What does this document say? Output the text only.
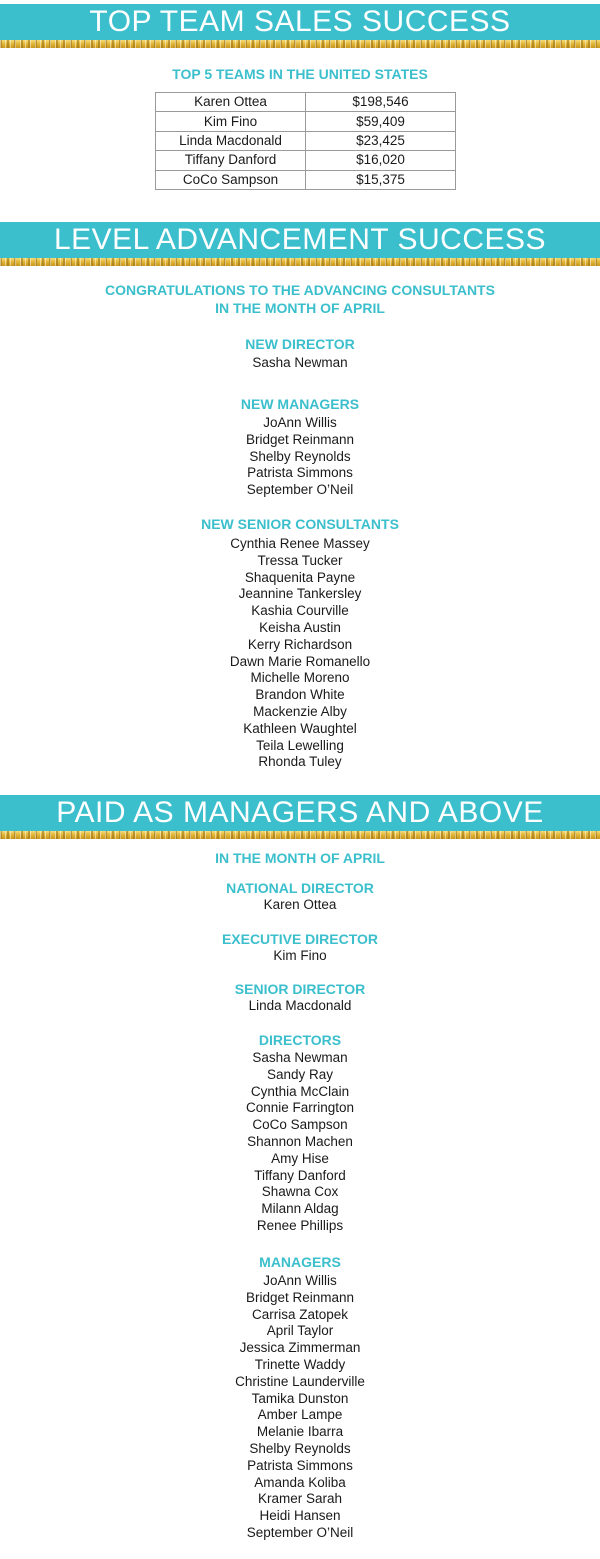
TOP TEAM SALES SUCCESS
TOP 5 TEAMS IN THE UNITED STATES
Karen Ottea	$198,546
Kim Fino	$59,409
Linda Macdonald	$23,425
Tiffany Danford	$16,020
CoCo Sampson	$15,375
LEVEL ADVANCEMENT SUCCESS
CONGRATULATIONS TO THE ADVANCING CONSULTANTS
IN THE MONTH OF APRIL
NEW DIRECTOR
Sasha Newman
NEW MANAGERS
JoAnn Willis
Bridget Reinmann
Shelby Reynolds
Patrista Simmons
September O’Neil
NEW SENIOR CONSULTANTS
Cynthia Renee Massey
Tressa Tucker
Shaquenita Payne
Jeannine Tankersley
Kashia Courville
Keisha Austin
Kerry Richardson
Dawn Marie Romanello
Michelle Moreno
Brandon White
Mackenzie Alby
Kathleen Waughtel
Teila Lewelling
Rhonda Tuley
PAID AS MANAGERS AND ABOVE
IN THE MONTH OF APRIL
NATIONAL DIRECTOR
Karen Ottea
EXECUTIVE DIRECTOR
Kim Fino
SENIOR DIRECTOR
Linda Macdonald
DIRECTORS
Sasha Newman
Sandy Ray
Cynthia McClain
Connie Farrington
CoCo Sampson
Shannon Machen
Amy Hise
Tiffany Danford
Shawna Cox
Milann Aldag
Renee Phillips
MANAGERS
JoAnn Willis
Bridget Reinmann
Carrisa Zatopek
April Taylor
Jessica Zimmerman
Trinette Waddy
Christine Launderville
Tamika Dunston
Amber Lampe
Melanie Ibarra
Shelby Reynolds
Patrista Simmons
Amanda Koliba
Kramer Sarah
Heidi Hansen
September O’Neil
